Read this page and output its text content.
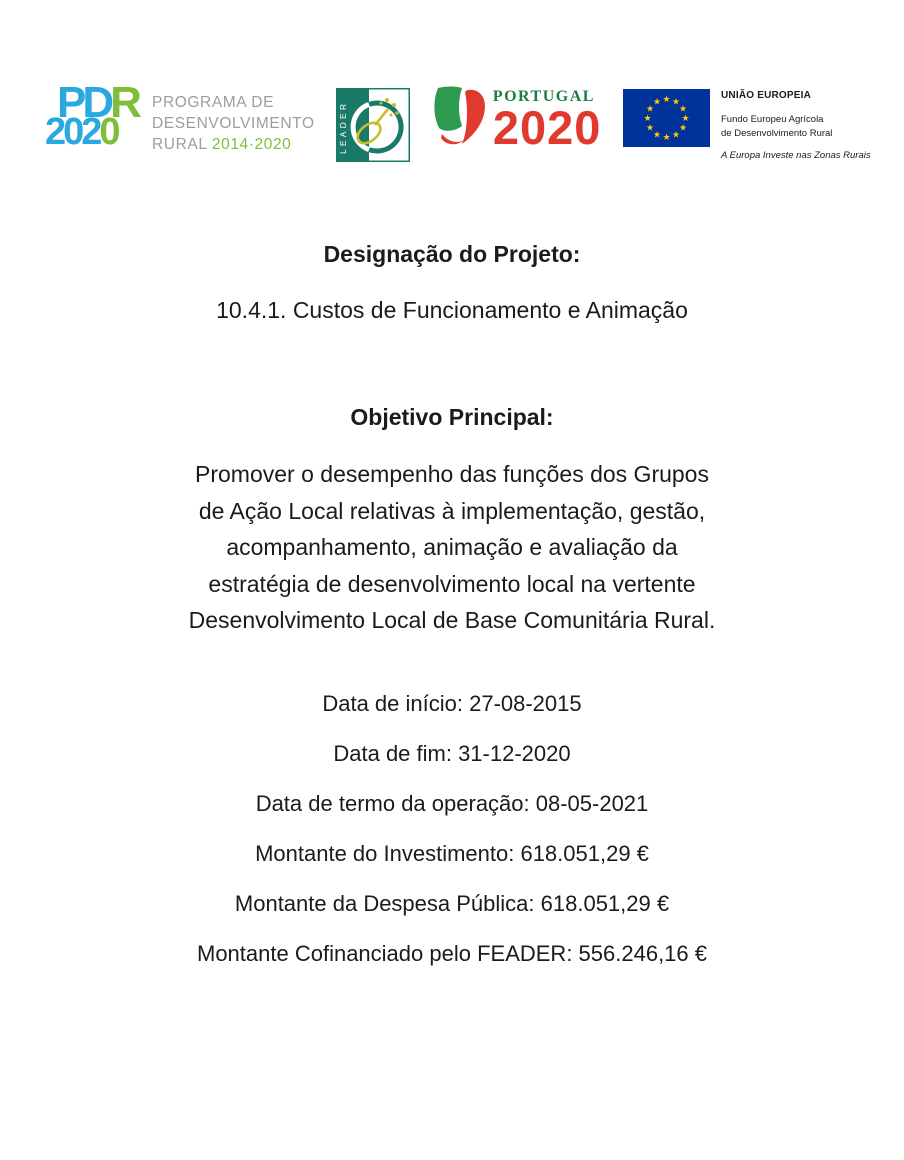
PDR
2020
PROGRAMA DE
DESENVOLVIMENTO
RURAL 2014·2020	LEADER
PORTUGAL
2020
★ ★
★
★
★
★
★
★
★
★
★
★
UNIÃO EUROPEIA
Fundo Europeu Agrícola
de Desenvolvimento Rural
A Europa Investe nas Zonas Rurais
Designação do Projeto:
10.4.1. Custos de Funcionamento e Animação
Objetivo Principal:
Promover o desempenho das funções dos Grupos
de Ação Local relativas à implementação, gestão,
acompanhamento, animação e avaliação da
estratégia de desenvolvimento local na vertente
Desenvolvimento Local de Base Comunitária Rural.
Data de início: 27-08-2015
Data de fim: 31-12-2020
Data de termo da operação: 08-05-2021
Montante do Investimento: 618.051,29 €
Montante da Despesa Pública: 618.051,29 €
Montante Cofinanciado pelo FEADER: 556.246,16 €
